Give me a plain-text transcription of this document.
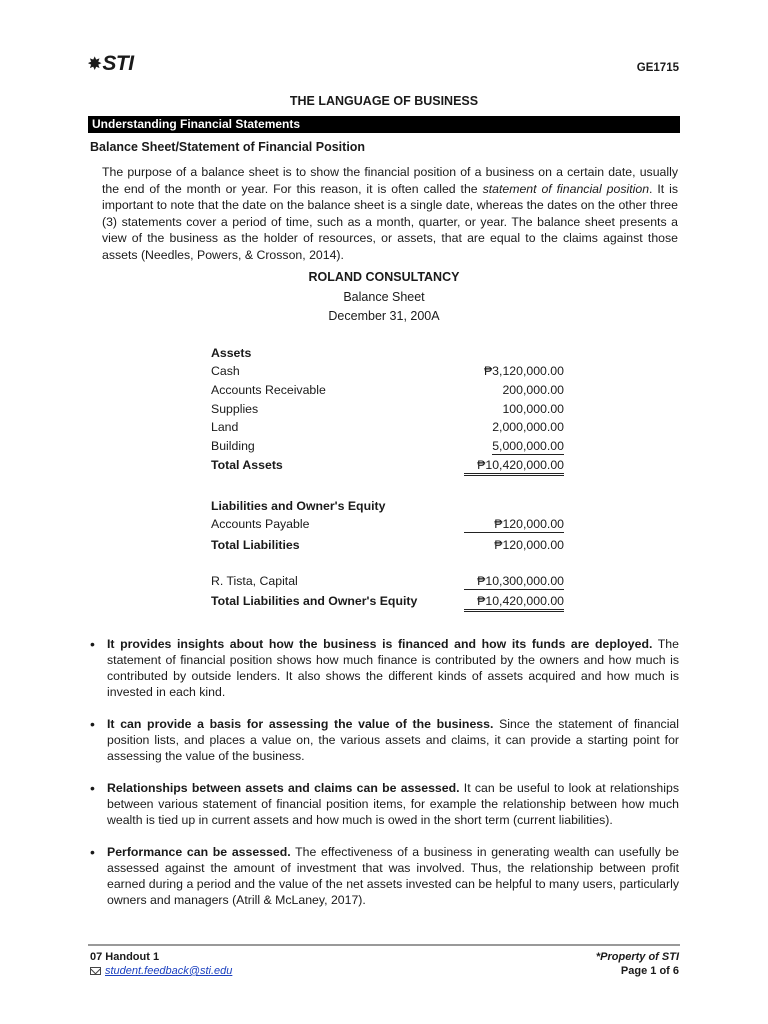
✸ STI	GE1715
THE LANGUAGE OF BUSINESS
Understanding Financial Statements
Balance Sheet/Statement of Financial Position
The purpose of a balance sheet is to show the financial position of a business on a certain date, usually the end of the month or year. For this reason, it is often called the statement of financial position. It is important to note that the date on the balance sheet is a single date, whereas the dates on the other three (3) statements cover a period of time, such as a month, quarter, or year. The balance sheet presents a view of the business as the holder of resources, or assets, that are equal to the claims against those assets (Needles, Powers, & Crosson, 2014).
ROLAND CONSULTANCY
Balance Sheet
December 31, 200A
Assets
Cash	₱3,120,000.00
Accounts Receivable	200,000.00
Supplies	100,000.00
Land	2,000,000.00
Building	5,000,000.00
Total Assets	₱10,420,000.00
Liabilities and Owner's Equity
Accounts Payable	₱120,000.00
Total Liabilities	₱120,000.00
R. Tista, Capital	₱10,300,000.00
Total Liabilities and Owner's Equity	₱10,420,000.00
• It provides insights about how the business is financed and how its funds are deployed. The statement of financial position shows how much finance is contributed by the owners and how much is contributed by outside lenders. It also shows the different kinds of assets acquired and how much is invested in each kind.
• It can provide a basis for assessing the value of the business. Since the statement of financial position lists, and places a value on, the various assets and claims, it can provide a starting point for assessing the value of the business.
• Relationships between assets and claims can be assessed. It can be useful to look at relationships between various statement of financial position items, for example the relationship between how much wealth is tied up in current assets and how much is owed in the short term (current liabilities).
• Performance can be assessed. The effectiveness of a business in generating wealth can usefully be assessed against the amount of investment that was involved. Thus, the relationship between profit earned during a period and the value of the net assets invested can be helpful to many users, particularly owners and managers (Atrill & McLaney, 2017).
07 Handout 1
student.feedback@sti.edu
*Property of STI
Page 1 of 6
